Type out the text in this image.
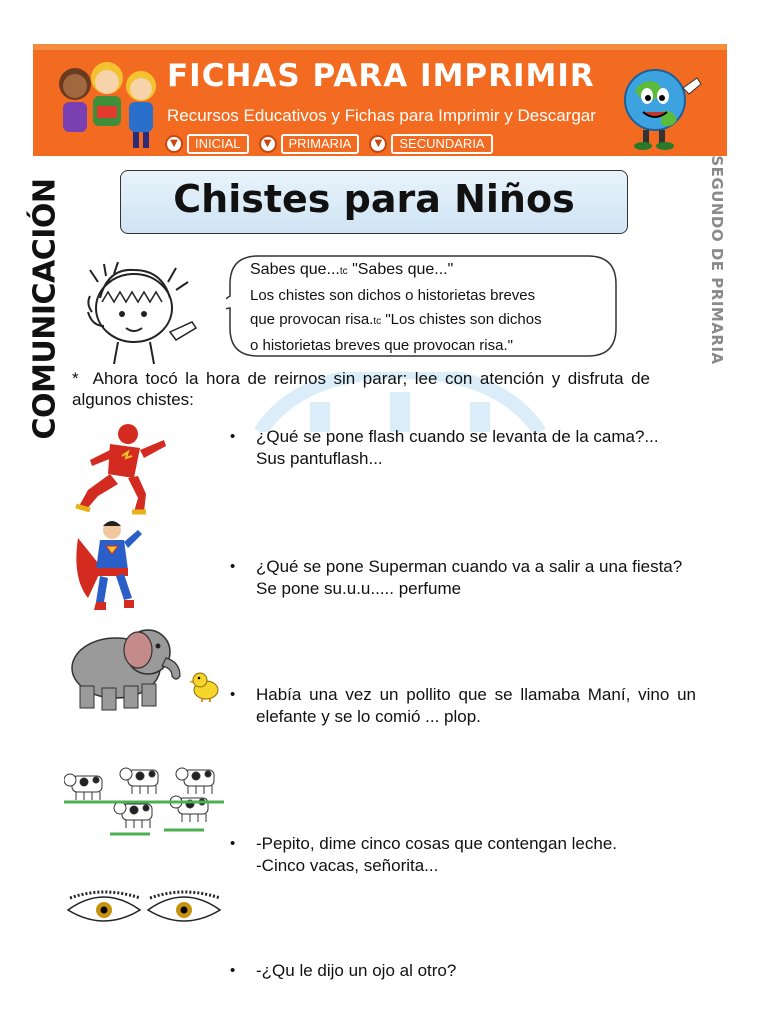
FICHAS PARA IMPRIMIR
Recursos Educativos y Fichas para Imprimir y Descargar
▼	INICIAL	▼	PRIMARIA	▼	SECUNDARIA
COMUNICACIÓN	SEGUNDO DE PRIMARIA
Chistes para Niños
Sabes que...tc "Sabes que..."
Los chistes son dichos o historietas breves
que provocan risa.tc "Los chistes son dichos
o historietas breves que provocan risa."
* Ahora tocó la hora de reirnos sin parar; lee con atención y disfruta dealgunos chistes:
•	¿Qué se pone flash cuando se levanta de la cama?...
Sus pantuflash...
•	¿Qué se pone Superman cuando va a salir a una fiesta?
Se pone su.u.u..... perfume
•	Había una vez un pollito que se llamaba Maní, vino un elefante y se lo comió ... plop.
•	-Pepito, dime cinco cosas que contengan leche.
-Cinco vacas, señorita...
•	-¿Qu le dijo un ojo al otro?
